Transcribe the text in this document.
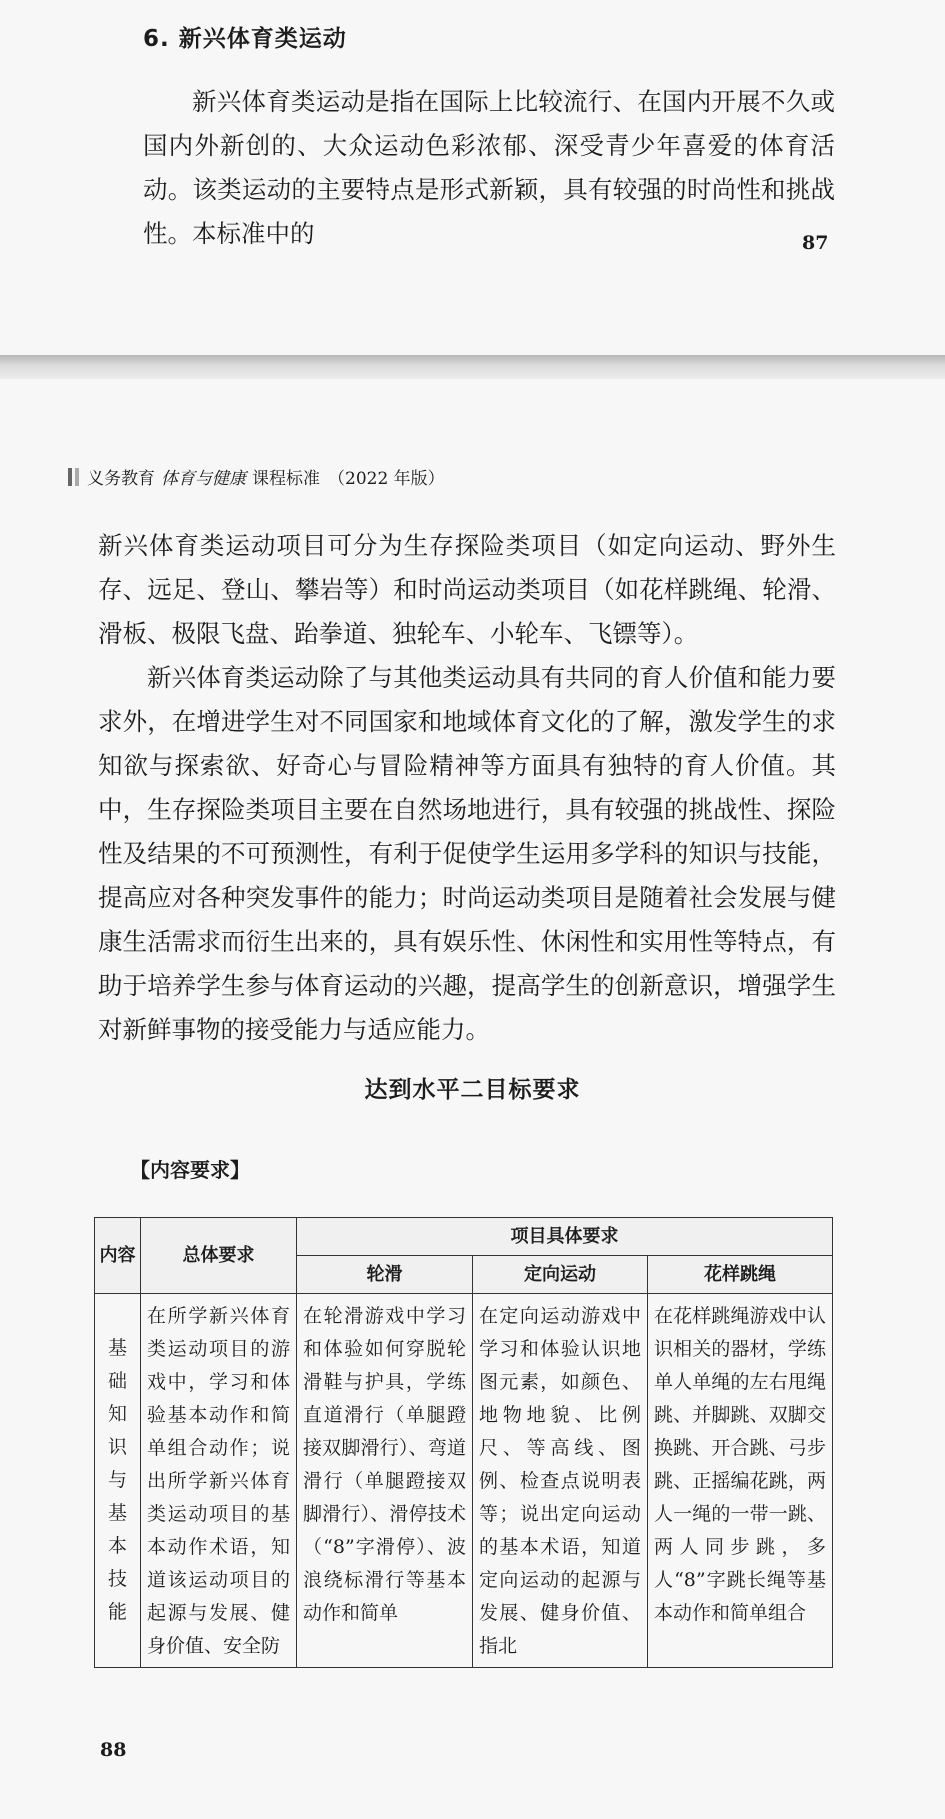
6. 新兴体育类运动

新兴体育类运动是指在国际上比较流行、在国内开展不久或国内外新创的、大众运动色彩浓郁、深受青少年喜爱的体育活动。该类运动的主要特点是形式新颖，具有较强的时尚性和挑战性。本标准中的	87
义务教育 体育与健康 课程标准 （2022 年版）

新兴体育类运动项目可分为生存探险类项目（如定向运动、野外生存、远足、登山、攀岩等）和时尚运动类项目（如花样跳绳、轮滑、滑板、极限飞盘、跆拳道、独轮车、小轮车、飞镖等）。

新兴体育类运动除了与其他类运动具有共同的育人价值和能力要求外，在增进学生对不同国家和地域体育文化的了解，激发学生的求知欲与探索欲、好奇心与冒险精神等方面具有独特的育人价值。其中，生存探险类项目主要在自然场地进行，具有较强的挑战性、探险性及结果的不可预测性，有利于促使学生运用多学科的知识与技能，提高应对各种突发事件的能力；时尚运动类项目是随着社会发展与健康生活需求而衍生出来的，具有娱乐性、休闲性和实用性等特点，有助于培养学生参与体育运动的兴趣，提高学生的创新意识，增强学生对新鲜事物的接受能力与适应能力。

达到水平二目标要求
【内容要求】
内容	总体要求	项目具体要求		
		轮滑	定向运动	花样跳绳
基础知识与基本技能	在所学新兴体育类运动项目的游戏中，学习和体验基本动作和简单组合动作；说出所学新兴体育类运动项目的基本动作术语，知道该运动项目的起源与发展、健身价值、安全防	在轮滑游戏中学习和体验如何穿脱轮滑鞋与护具，学练直道滑行（单腿蹬接双脚滑行）、弯道滑行（单腿蹬接双脚滑行）、滑停技术（“8”字滑停）、波浪绕标滑行等基本动作和简单	在定向运动游戏中学习和体验认识地图元素，如颜色、地物地貌、比例尺、等高线、图例、检查点说明表等；说出定向运动的基本术语，知道定向运动的起源与发展、健身价值、指北	在花样跳绳游戏中认识相关的器材，学练单人单绳的左右甩绳跳、并脚跳、双脚交换跳、开合跳、弓步跳、正摇编花跳，两人一绳的一带一跳、两人同步跳，多人“8”字跳长绳等基本动作和简单组合
88
